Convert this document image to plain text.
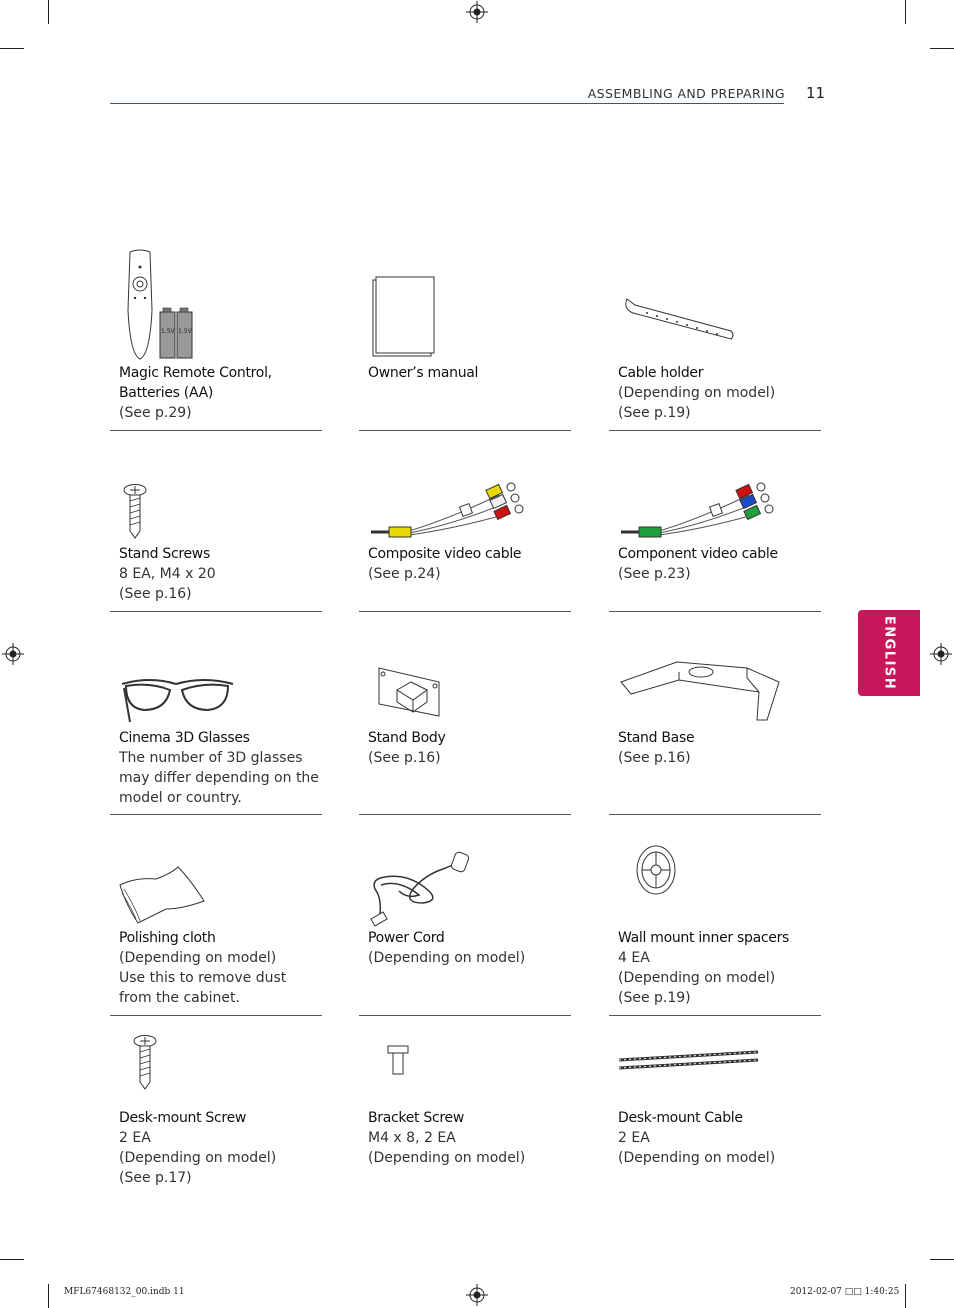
ASSEMBLING AND PREPARING 11
ENGLISH
1.5V 1.5V
Magic Remote Control,
Batteries (AA)
(See p.29)
Owner’s manual	Cable holder
(Depending on model)
(See p.19)
Stand Screws
8 EA, M4 x 20
(See p.16)
Composite video cable
(See p.24)
Component video cable
(See p.23)
Cinema 3D Glasses
The number of 3D glasses
may differ depending on the
model or country.
Stand Body
(See p.16)
Stand Base
(See p.16)
Polishing cloth
(Depending on model)
Use this to remove dust
from the cabinet.
Power Cord
(Depending on model)
Wall mount inner spacers
4 EA
(Depending on model)
(See p.19)
Desk-mount Screw
2 EA
(Depending on model)
(See p.17)
Bracket Screw
M4 x 8, 2 EA
(Depending on model)
Desk-mount Cable
2 EA
(Depending on model)
MFL67468132_00.indb 11	2012-02-07 □□ 1:40:25
